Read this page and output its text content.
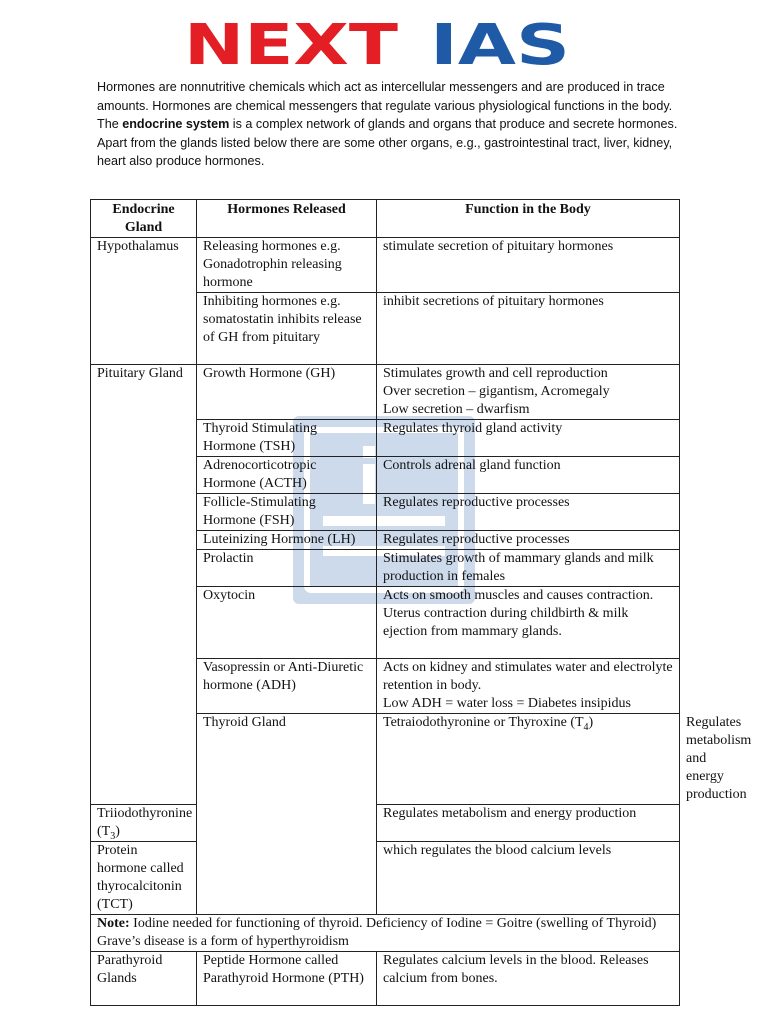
NEXT IAS
Hormones are nonnutritive chemicals which act as intercellular messengers and are produced in trace amounts. Hormones are chemical messengers that regulate various physiological functions in the body. The endocrine system is a complex network of glands and organs that produce and secrete hormones. Apart from the glands listed below there are some other organs, e.g., gastrointestinal tract, liver, kidney, heart also produce hormones.
Endocrine Gland	Hormones Released	Function in the Body	
Hypothalamus	Releasing hormones e.g. Gonadotrophin releasing hormone	stimulate secretion of pituitary hormones	
	Inhibiting hormones e.g. somatostatin inhibits release of GH from pituitary	inhibit secretions of pituitary hormones	
Pituitary Gland	Growth Hormone (GH)	Stimulates growth and cell reproduction
Over secretion – gigantism, Acromegaly
Low secretion – dwarfism	

	Thyroid Stimulating Hormone (TSH)	Regulates thyroid gland activity	
	Adrenocorticotropic Hormone (ACTH)	Controls adrenal gland function	
	Follicle-Stimulating Hormone (FSH)	Regulates reproductive processes	
	Luteinizing Hormone (LH)	Regulates reproductive processes	
	Prolactin	Stimulates growth of mammary glands and milk production in females	
	Oxytocin	Acts on smooth muscles and causes contraction. Uterus contraction during childbirth & milk ejection from mammary glands.	
	Vasopressin or Anti-Diuretic hormone (ADH)	Acts on kidney and stimulates water and electrolyte retention in body.
Low ADH = water loss = Diabetes insipidus	

	Thyroid Gland	Tetraiodothyronine or Thyroxine $(T_4)$	Regulates metabolism and energy production
Triiodothyronine $(T_3)$		Regulates metabolism and energy production	
Protein hormone called thyrocalcitonin (TCT)		which regulates the blood calcium levels	
Note: Iodine needed for functioning of thyroid. Deficiency of Iodine = Goitre (swelling of Thyroid) Grave’s disease is a form of hyperthyroidism			
Parathyroid Glands	Peptide Hormone called Parathyroid Hormone (PTH)	Regulates calcium levels in the blood. Releases calcium from bones.	
